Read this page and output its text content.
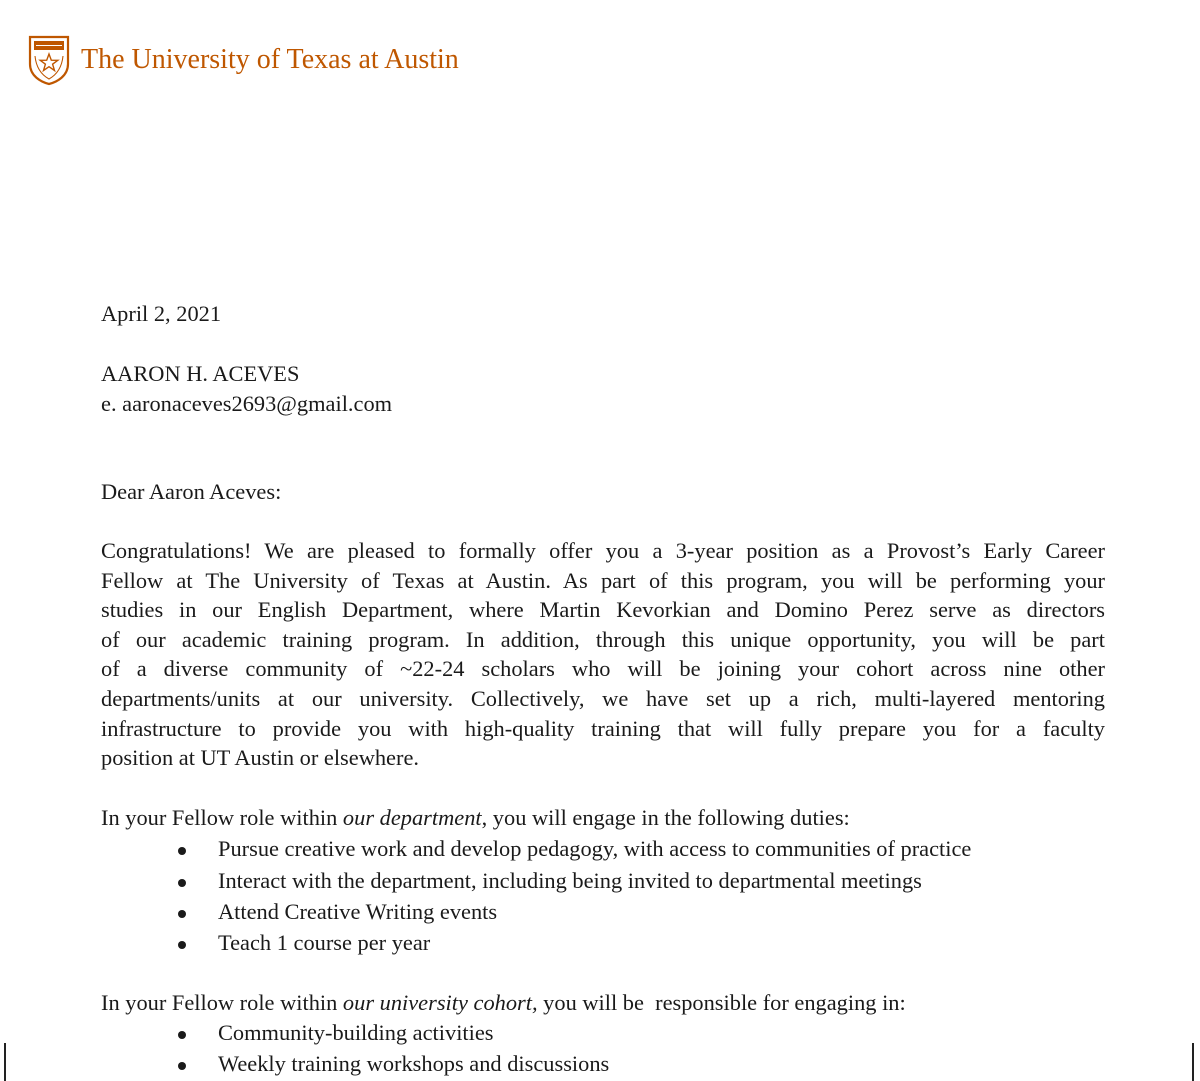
The University of Texas at Austin
April 2, 2021
AARON H. ACEVES
e. aaronaceves2693@gmail.com
Dear Aaron Aceves:
Congratulations! We are pleased to formally offer you a 3-year position as a Provost’s Early Career
Fellow at The University of Texas at Austin. As part of this program, you will be performing your
studies in our English Department, where Martin Kevorkian and Domino Perez serve as directors
of our academic training program. In addition, through this unique opportunity, you will be part
of a diverse community of ~22-24 scholars who will be joining your cohort across nine other
departments/units at our university. Collectively, we have set up a rich, multi-layered mentoring
infrastructure to provide you with high-quality training that will fully prepare you for a faculty
position at UT Austin or elsewhere.
In your Fellow role within our department, you will engage in the following duties:
Pursue creative work and develop pedagogy, with access to communities of practice
Interact with the department, including being invited to departmental meetings
Attend Creative Writing events
Teach 1 course per year
In your Fellow role within our university cohort, you will be  responsible for engaging in:
Community-building activities
Weekly training workshops and discussions
